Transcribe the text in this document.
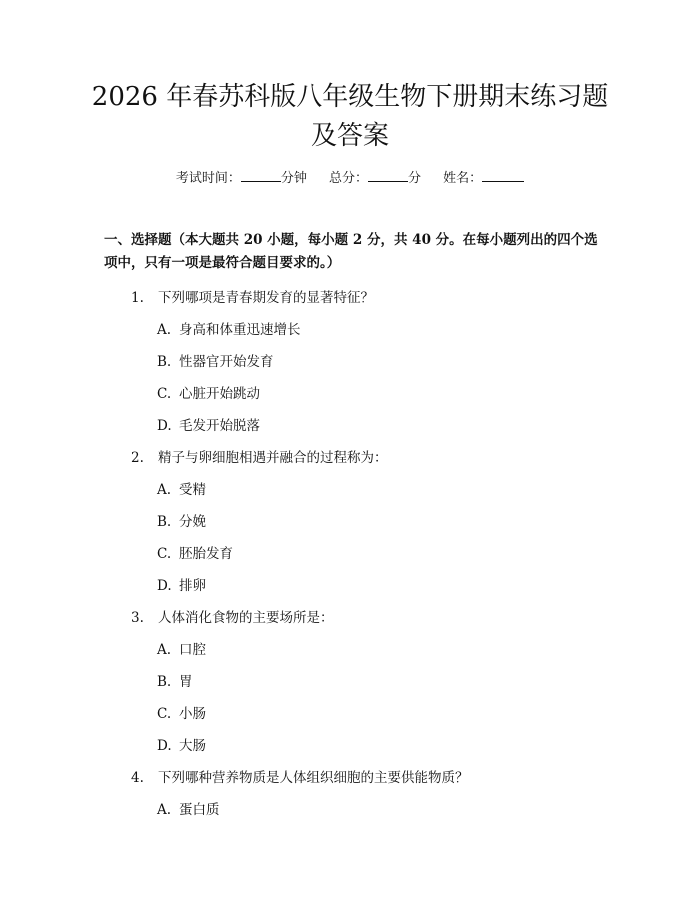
2026 年春苏科版八年级生物下册期末练习题及答案
考试时间：	分钟 总分：	分 姓名：
一、选择题（本大题共 20 小题，每小题 2 分，共 40 分。在每小题列出的四个选项中，只有一项是最符合题目要求的。）
1. 下列哪项是青春期发育的显著特征？
A. 身高和体重迅速增长
B. 性器官开始发育
C. 心脏开始跳动
D. 毛发开始脱落
2. 精子与卵细胞相遇并融合的过程称为：
A. 受精
B. 分娩
C. 胚胎发育
D. 排卵
3. 人体消化食物的主要场所是：
A. 口腔
B. 胃
C. 小肠
D. 大肠
4. 下列哪种营养物质是人体组织细胞的主要供能物质？
A. 蛋白质
